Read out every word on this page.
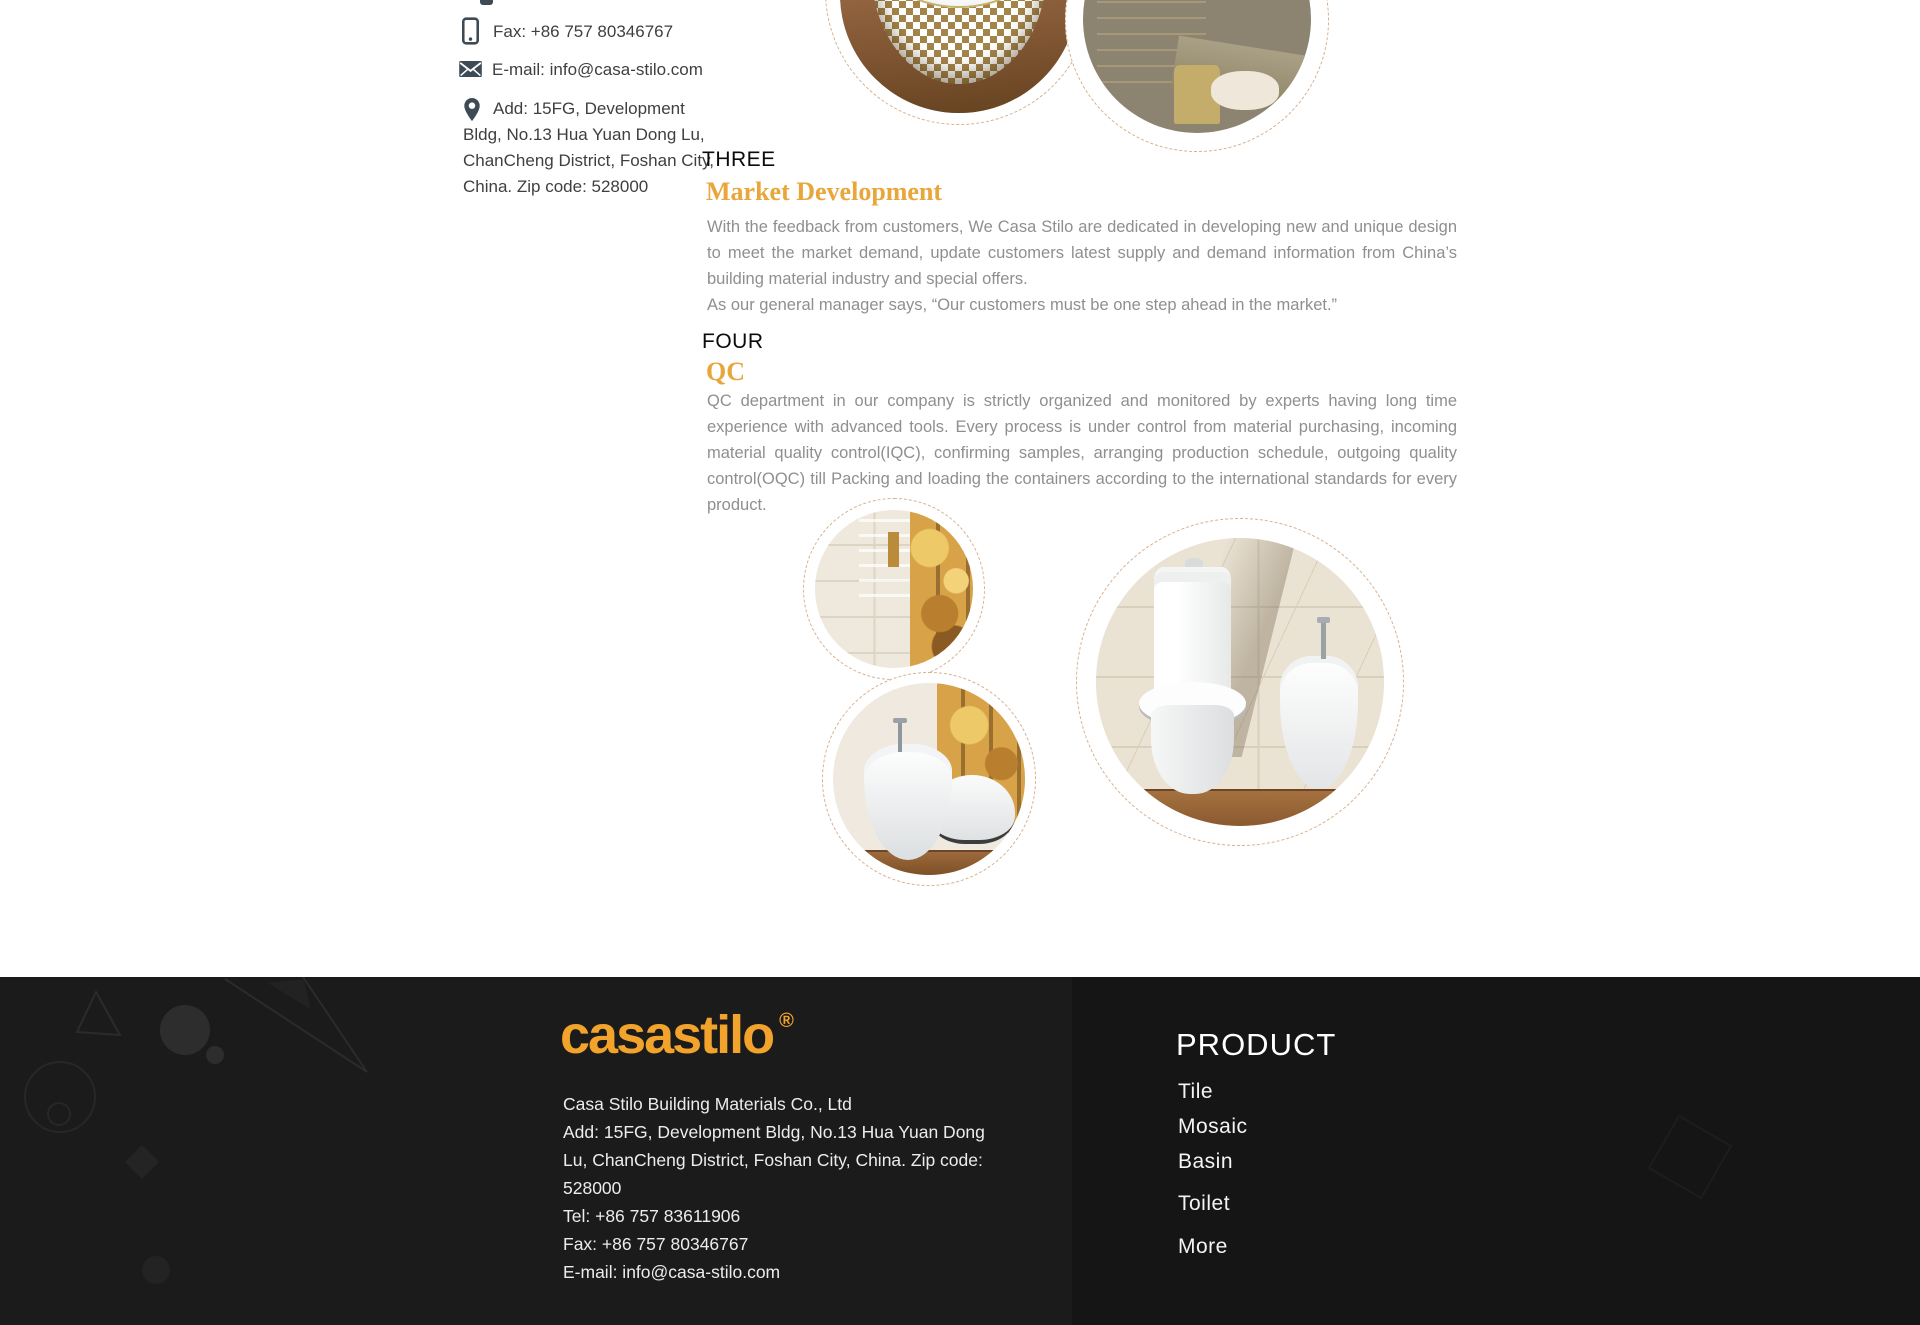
Fax: +86 757 80346767
E-mail: info@casa-stilo.com
Add: 15FG, Development
Bldg, No.13 Hua Yuan Dong Lu,
ChanCheng District, Foshan City,
China. Zip code: 528000
THREE
Market Development
With the feedback from customers, We Casa Stilo are dedicated in developing new and unique design to meet the market demand, update customers latest supply and demand information from China’s building material industry and special offers.
As our general manager says, “Our customers must be one step ahead in the market.”
FOUR
QC
QC department in our company is strictly organized and monitored by experts having long time experience with advanced tools. Every process is under control from material purchasing, incoming material quality control(IQC), confirming samples, arranging production schedule, outgoing quality control(OQC) till Packing and loading the containers according to the international standards for every product.
casastilo ®
Casa Stilo Building Materials Co., Ltd
Add: 15FG, Development Bldg, No.13 Hua Yuan Dong
Lu, ChanCheng District, Foshan City, China. Zip code:
528000
Tel: +86 757 83611906
Fax: +86 757 80346767
E-mail: info@casa-stilo.com
PRODUCT
Tile
Mosaic
Basin
Toilet
More
